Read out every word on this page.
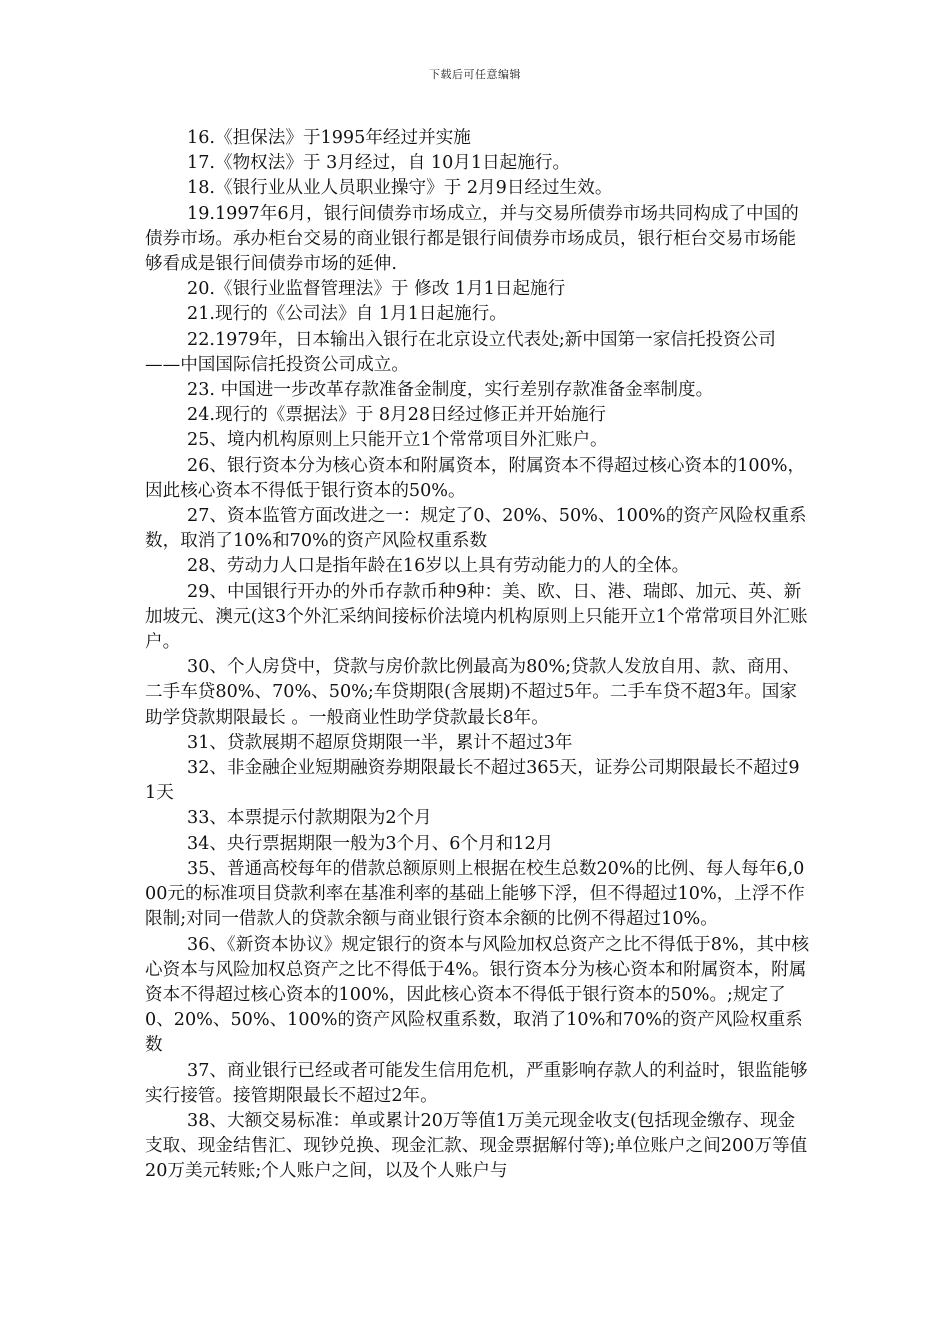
下载后可任意编辑

16.《担保法》于1995年经过并实施

17.《物权法》于 3月经过，自 10月1日起施行。

18.《银行业从业人员职业操守》于 2月9日经过生效。

19.1997年6月，银行间债券市场成立，并与交易所债券市场共同构成了中国的债券市场。承办柜台交易的商业银行都是银行间债券市场成员，银行柜台交易市场能够看成是银行间债券市场的延伸.

20.《银行业监督管理法》于 修改 1月1日起施行

21.现行的《公司法》自 1月1日起施行。

22.1979年，日本输出入银行在北京设立代表处;新中国第一家信托投资公司——中国国际信托投资公司成立。

23. 中国进一步改革存款准备金制度，实行差别存款准备金率制度。

24.现行的《票据法》于 8月28日经过修正并开始施行

25、境内机构原则上只能开立1个常常项目外汇账户。

26、银行资本分为核心资本和附属资本，附属资本不得超过核心资本的100%，因此核心资本不得低于银行资本的50%。

27、资本监管方面改进之一：规定了0、20%、50%、100%的资产风险权重系数，取消了10%和70%的资产风险权重系数

28、劳动力人口是指年龄在16岁以上具有劳动能力的人的全体。

29、中国银行开办的外币存款币种9种：美、欧、日、港、瑞郎、加元、英、新加坡元、澳元(这3个外汇采纳间接标价法境内机构原则上只能开立1个常常项目外汇账户。

30、个人房贷中，贷款与房价款比例最高为80%;贷款人发放自用、款、商用、二手车贷80%、70%、50%;车贷期限(含展期)不超过5年。二手车贷不超3年。国家助学贷款期限最长 。一般商业性助学贷款最长8年。

31、贷款展期不超原贷期限一半，累计不超过3年

32、非金融企业短期融资券期限最长不超过365天，证券公司期限最长不超过91天

33、本票提示付款期限为2个月

34、央行票据期限一般为3个月、6个月和12月

35、普通高校每年的借款总额原则上根据在校生总数20%的比例、每人每年6,000元的标准项目贷款利率在基准利率的基础上能够下浮，但不得超过10%，上浮不作限制;对同一借款人的贷款余额与商业银行资本余额的比例不得超过10%。

36、《新资本协议》规定银行的资本与风险加权总资产之比不得低于8%，其中核心资本与风险加权总资产之比不得低于4%。银行资本分为核心资本和附属资本，附属资本不得超过核心资本的100%，因此核心资本不得低于银行资本的50%。;规定了0、20%、50%、100%的资产风险权重系数，取消了10%和70%的资产风险权重系数

37、商业银行已经或者可能发生信用危机，严重影响存款人的利益时，银监能够实行接管。接管期限最长不超过2年。

38、大额交易标准：单或累计20万等值1万美元现金收支(包括现金缴存、现金支取、现金结售汇、现钞兑换、现金汇款、现金票据解付等);单位账户之间200万等值20万美元转账;个人账户之间，以及个人账户与
